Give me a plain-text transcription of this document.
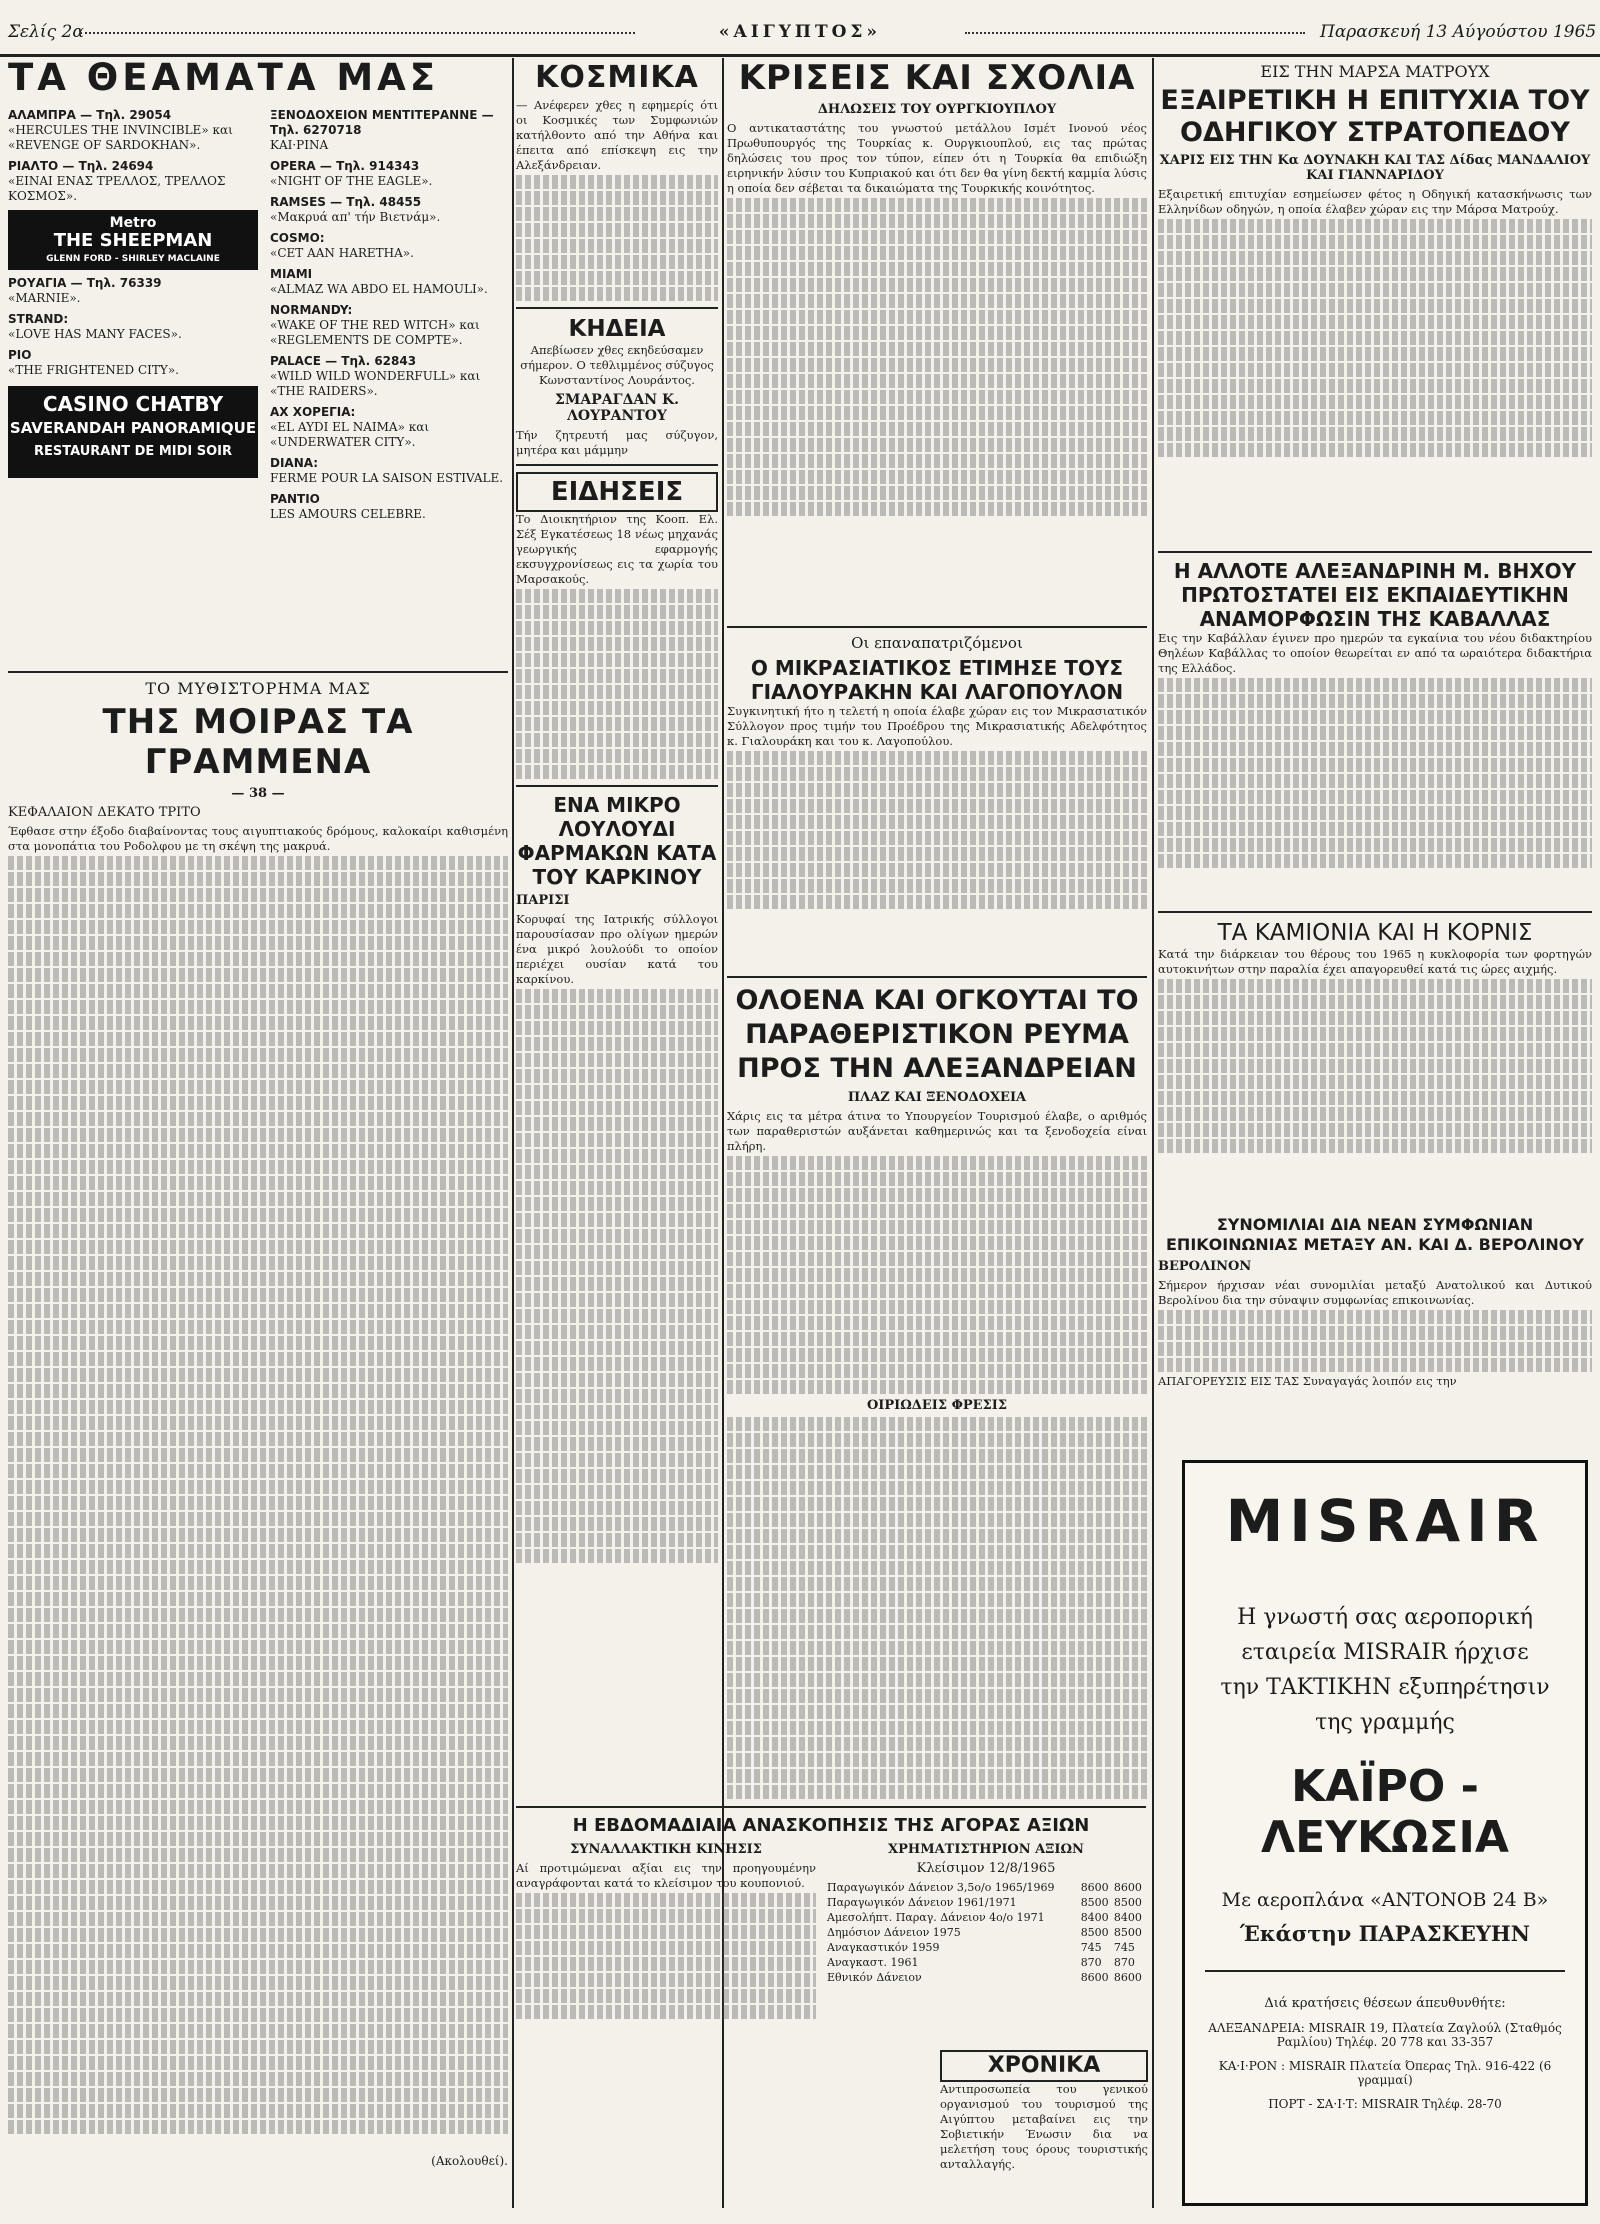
Σελίς 2α	«ΑΙΓΥΠΤΟΣ»	Παρασκευή 13 Αύγούστου 1965
ΤΑ ΘΕΑΜΑΤΑ ΜΑΣ
ΑΛΑΜΠΡΑ — Τηλ. 29054
«HERCULES THE INVINCIBLE» και «REVENGE OF SARDOKHAN».
ΡΙΑΛΤΟ — Τηλ. 24694
«ΕΙΝΑΙ ΕΝΑΣ ΤΡΕΛΛΟΣ, ΤΡΕΛΛΟΣ ΚΟΣΜΟΣ».
Metro
THE SHEEPMAN
GLENN FORD - SHIRLEY MACLAINE
ΡΟΥΑΓΙΑ — Τηλ. 76339
«MARNIE».
STRAND:
«LOVE HAS MANY FACES».
ΡΙΟ
«THE FRIGHTENED CITY».
CASINO CHATBY
SAVERANDAH PANORAMIQUE
RESTAURANT DE MIDI SOIR
ΞΕΝΟΔΟΧΕΙΟΝ ΜΕΝΤΙΤΕΡΑΝΝΕ — Τηλ. 6270718
ΚΑΙ·ΡΙΝΑ
OPERA — Τηλ. 914343
«NIGHT OF THE EAGLE».
RAMSES — Τηλ. 48455
«Μακρυά απ' τήν Βιετνάμ».
COSMO:
«CET AAN HARETHA».
MIAMI
«ALMAZ WA ABDO EL HAMOULI».
NORMANDY:
«WAKE OF THE RED WITCH» και «REGLEMENTS DE COMPTE».
PALACE — Τηλ. 62843
«WILD WILD WONDERFULL» και «THE RAIDERS».
ΑΧ ΧΟΡΕΓΙΑ:
«EL AYDI EL NAIMA» και «UNDERWATER CITY».
DIANA:
FERME POUR LA SAISON ESTIVALE.
PANTIO
LES AMOURS CELEBRE.
ΤΟ ΜΥΘΙΣΤΟΡΗΜΑ ΜΑΣ
ΤΗΣ ΜΟΙΡΑΣ ΤΑ ΓΡΑΜΜΕΝΑ
— 38 —
ΚΕΦΑΛΑΙΟΝ ΔΕΚΑΤΟ ΤΡΙΤΟ

Έφθασε στην έξοδο διαβαίνοντας τους αιγυπτιακούς δρόμους, καλοκαίρι καθισμένη στα μονοπάτια του Ροδολφου με τη σκέψη της μακρυά.

(Ακολουθεί).
ΚΟΣΜΙΚΑ

— Ανέφερεν χθες η εφημερίς ότι οι Κοσμικές των Συμφωνιών κατήλθοντο από την Αθήνα και έπειτα από επίσκεψη εις την Αλεξάνδρειαν.

ΚΗΔΕΙΑ

Απεβίωσεν χθες εκηδεύσαμεν σήμερον. Ο τεθλιμμένος σύζυγος Κωνσταντίνος Λουράντος.

ΣΜΑΡΑΓΔΑΝ Κ. ΛΟΥΡΑΝΤΟΥ

Τήν ζητρευτή μας σύζυγον, μητέρα και μάμμην

ΕΙΔΗΣΕΙΣ

Το Διοικητήριον της Κοοπ. Ελ. Σέξ Εγκατέσεως 18 νέως μηχανάς γεωργικής εφαρμογής εκσυγχρονίσεως εις τα χωρία του Μαρσακούς.

ΕΝΑ ΜΙΚΡΟ ΛΟΥΛΟΥΔΙ ΦΑΡΜΑΚΩΝ ΚΑΤΑ ΤΟΥ ΚΑΡΚΙΝΟΥ
ΠΑΡΙΣΙ

Κορυφαί της Ιατρικής σύλλογοι παρουσίασαν προ ολίγων ημερών ένα μικρό λουλούδι το οποίον περιέχει ουσίαν κατά του καρκίνου.

ΚΡΙΣΕΙΣ ΚΑΙ ΣΧΟΛΙΑ
ΔΗΛΩΣΕΙΣ ΤΟΥ ΟΥΡΓΚΙΟΥΠΛΟΥ

Ο αντικαταστάτης του γνωστού μετάλλου Ισμέτ Ινονού νέος Πρωθυπουργός της Τουρκίας κ. Ουργκιουπλού, εις τας πρώτας δηλώσεις του προς τον τύπον, είπεν ότι η Τουρκία θα επιδιώξη ειρηνικήν λύσιν του Κυπριακού και ότι δεν θα γίνη δεκτή καμμία λύσις η οποία δεν σέβεται τα δικαιώματα της Τουρκικής κοινότητος.

Οι επαναπατριζόμενοι
Ο ΜΙΚΡΑΣΙΑΤΙΚΟΣ ΕΤΙΜΗΣΕ ΤΟΥΣ ΓΙΑΛΟΥΡΑΚΗΝ ΚΑΙ ΛΑΓΟΠΟΥΛΟΝ

Συγκινητική ήτο η τελετή η οποία έλαβε χώραν εις τον Μικρασιατικόν Σύλλογον προς τιμήν του Προέδρου της Μικρασιατικής Αδελφότητος κ. Γιαλουράκη και του κ. Λαγοπούλου.

ΟΛΟΕΝΑ ΚΑΙ ΟΓΚΟΥΤΑΙ ΤΟ ΠΑΡΑΘΕΡΙΣΤΙΚΟΝ ΡΕΥΜΑ ΠΡΟΣ ΤΗΝ ΑΛΕΞΑΝΔΡΕΙΑΝ
ΠΛΑΖ ΚΑΙ ΞΕΝΟΔΟΧΕΙΑ

Χάρις εις τα μέτρα άτινα το Υπουργείον Τουρισμού έλαβε, ο αριθμός των παραθεριστών αυξάνεται καθημερινώς και τα ξενοδοχεία είναι πλήρη.

ΟΙΡΙΩΔΕΙΣ ΦΡΕΣΙΣ
Η ΕΒΔΟΜΑΔΙΑΙΑ ΑΝΑΣΚΟΠΗΣΙΣ ΤΗΣ ΑΓΟΡΑΣ ΑΞΙΩΝ
ΣΥΝΑΛΛΑΚΤΙΚΗ ΚΙΝΗΣΙΣ

Αί προτιμώμεναι αξίαι εις την προηγουμένην αναγράφονται κατά το κλείσιμον του κουπονιού.

ΧΡΗΜΑΤΙΣΤΗΡΙΟΝ ΑΞΙΩΝ
Κλείσιμον 12/8/1965
Παραγωγικόν Δάνειον 3,5ο/ο 1965/1969	8600	8600
Παραγωγικόν Δάνειον 1961/1971	8500	8500
Αμεσολήπτ. Παραγ. Δάνειον 4ο/ο 1971	8400	8400
Δημόσιον Δάνειον 1975	8500	8500
Αναγκαστικόν 1959	745	745
Αναγκαστ. 1961	870	870
Εθνικόν Δάνειον	8600	8600
ΧΡΟΝΙΚΑ

Αντιπροσωπεία του γενικού οργανισμού του τουρισμού της Αιγύπτου μεταβαίνει εις την Σοβιετικήν Ένωσιν δια να μελετήση τους όρους τουριστικής ανταλλαγής.

ΕΙΣ ΤΗΝ ΜΑΡΣΑ ΜΑΤΡΟΥΧ
ΕΞΑΙΡΕΤΙΚΗ Η ΕΠΙΤΥΧΙΑ ΤΟΥ ΟΔΗΓΙΚΟΥ ΣΤΡΑΤΟΠΕΔΟΥ
ΧΑΡΙΣ ΕΙΣ ΤΗΝ Κα ΔΟΥΝΑΚΗ ΚΑΙ ΤΑΣ Δίδας ΜΑΝΔΑΛΙΟΥ ΚΑΙ ΓΙΑΝΝΑΡΙΔΟΥ

Εξαιρετική επιτυχίαν εσημείωσεν φέτος η Οδηγική κατασκήνωσις των Ελληνίδων οδηγών, η οποία έλαβεν χώραν εις την Μάρσα Ματρούχ.

Η ΑΛΛΟΤΕ ΑΛΕΞΑΝΔΡΙΝΗ Μ. ΒΗΧΟΥ ΠΡΩΤΟΣΤΑΤΕΙ ΕΙΣ ΕΚΠΑΙΔΕΥΤΙΚΗΝ ΑΝΑΜΟΡΦΩΣΙΝ ΤΗΣ ΚΑΒΑΛΛΑΣ

Εις την Καβάλλαν έγινεν προ ημερών τα εγκαίνια του νέου διδακτηρίου Θηλέων Καβάλλας το οποίον θεωρείται εν από τα ωραιότερα διδακτήρια της Ελλάδος.

ΤΑ ΚΑΜΙΟΝΙΑ ΚΑΙ Η ΚΟΡΝΙΣ

Κατά την διάρκειαν του θέρους του 1965 η κυκλοφορία των φορτηγών αυτοκινήτων στην παραλία έχει απαγορευθεί κατά τις ώρες αιχμής.

ΣΥΝΟΜΙΛΙΑΙ ΔΙΑ ΝΕΑΝ ΣΥΜΦΩΝΙΑΝ ΕΠΙΚΟΙΝΩΝΙΑΣ ΜΕΤΑΞΥ ΑΝ. ΚΑΙ Δ. ΒΕΡΟΛΙΝΟΥ
ΒΕΡΟΛΙΝΟΝ

Σήμερον ήρχισαν νέαι συνομιλίαι μεταξύ Ανατολικού και Δυτικού Βερολίνου δια την σύναψιν συμφωνίας επικοινωνίας.

ΑΠΑΓΟΡΕΥΣΙΣ ΕΙΣ ΤΑΣ Συναγαγάς λοιπόν εις την

MISRAIR

Η γνωστή σας αεροπορική

εταιρεία MISRAIR ήρχισε

την ΤΑΚΤΙΚΗΝ εξυπηρέτησιν

της γραμμής

ΚΑΪΡΟ - ΛΕΥΚΩΣΙΑ

Με αεροπλάνα «ΑΝΤΟΝΟΒ 24 Β»

Έκάστην ΠΑΡΑΣΚΕΥΗΝ

Διά κρατήσεις θέσεων άπευθυνθήτε:

ΑΛΕΞΑΝΔΡΕΙΑ: MISRAIR 19, Πλατεία Ζαγλούλ (Σταθμός Ραμλίου) Τηλέφ. 20 778 και 33-357

ΚΑ·Ι·ΡΟΝ : MISRAIR Πλατεία Όπερας Τηλ. 916-422 (6 γραμμαί)

ΠΟΡΤ - ΣΑ·Ι·Τ: MISRAIR Τηλέφ. 28-70
